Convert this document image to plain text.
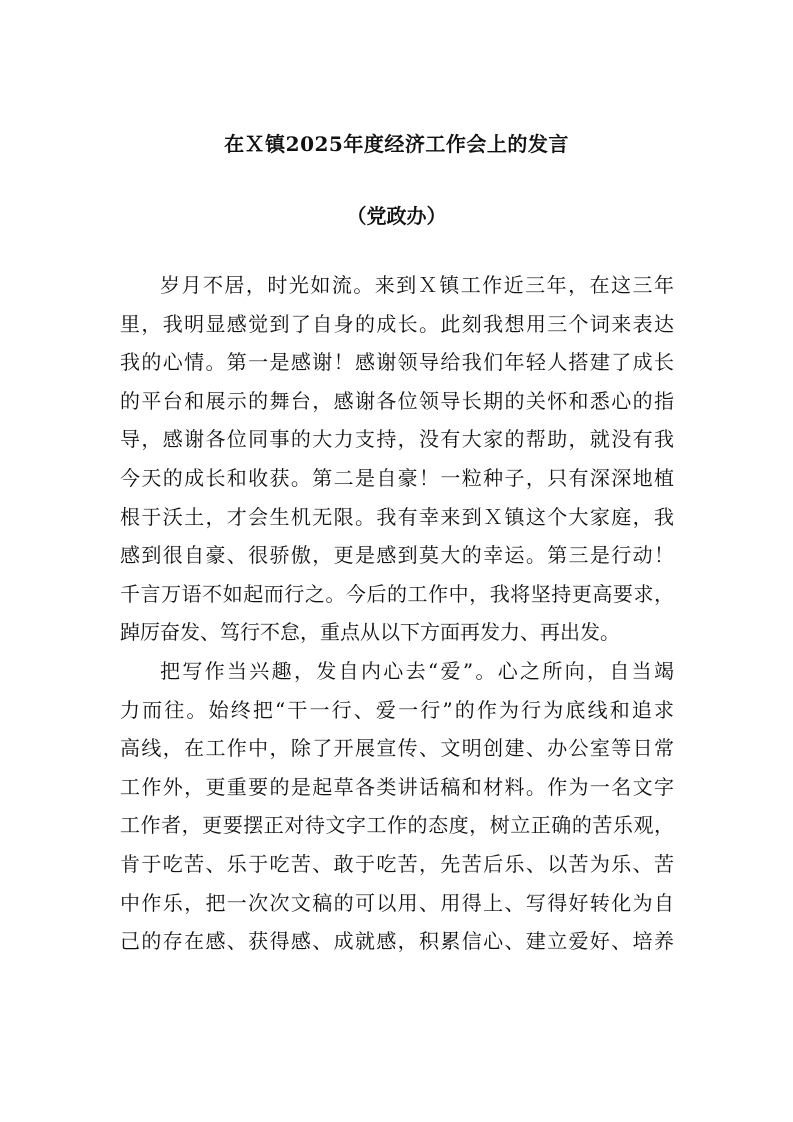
在Ｘ镇2025年度经济工作会上的发言
（党政办）
岁月不居，时光如流。来到Ｘ镇工作近三年，在这三年
里，我明显感觉到了自身的成长。此刻我想用三个词来表达
我的心情。第一是感谢！感谢领导给我们年轻人搭建了成长
的平台和展示的舞台，感谢各位领导长期的关怀和悉心的指
导，感谢各位同事的大力支持，没有大家的帮助，就没有我
今天的成长和收获。第二是自豪！一粒种子，只有深深地植
根于沃土，才会生机无限。我有幸来到Ｘ镇这个大家庭，我
感到很自豪、很骄傲，更是感到莫大的幸运。第三是行动！
千言万语不如起而行之。今后的工作中，我将坚持更高要求，
踔厉奋发、笃行不怠，重点从以下方面再发力、再出发。
把写作当兴趣，发自内心去“爱”。心之所向，自当竭
力而往。始终把“干一行、爱一行”的作为行为底线和追求
高线，在工作中，除了开展宣传、文明创建、办公室等日常
工作外，更重要的是起草各类讲话稿和材料。作为一名文字
工作者，更要摆正对待文字工作的态度，树立正确的苦乐观，
肯于吃苦、乐于吃苦、敢于吃苦，先苦后乐、以苦为乐、苦
中作乐，把一次次文稿的可以用、用得上、写得好转化为自
己的存在感、获得感、成就感，积累信心、建立爱好、培养
